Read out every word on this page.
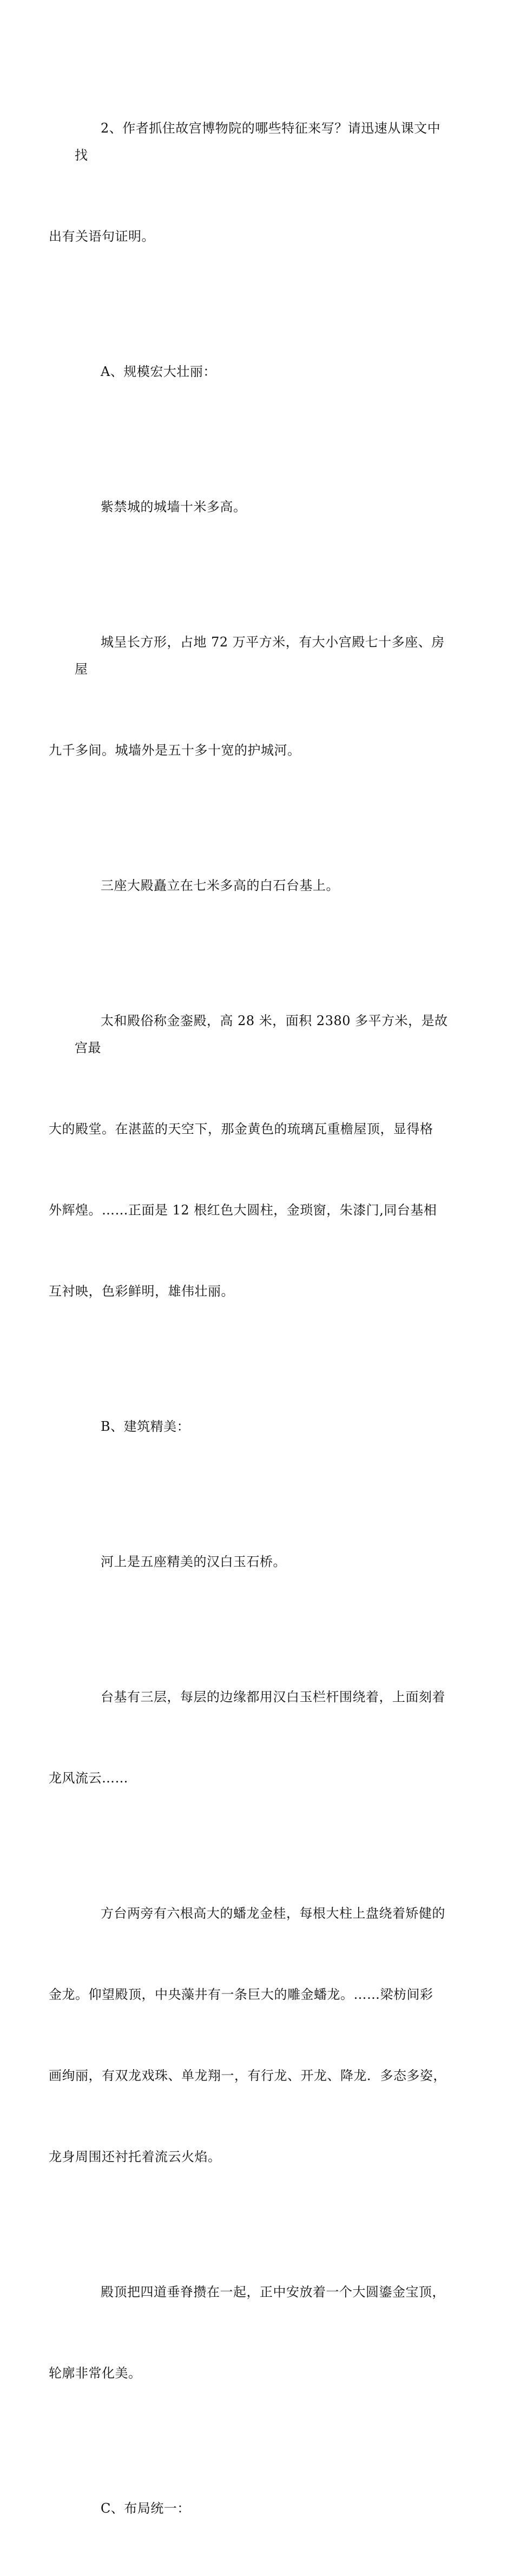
2、作者抓住故宫博物院的哪些特征来写？请迅速从课文中找

出有关语句证明。

A、规模宏大壮丽：

紫禁城的城墙十米多高。

城呈长方形，占地 72 万平方米，有大小宫殿七十多座、房屋

九千多间。城墙外是五十多十宽的护城河。

三座大殿矗立在七米多高的白石台基上。

太和殿俗称金銮殿，高 28 米，面积 2380 多平方米，是故宫最

大的殿堂。在湛蓝的天空下，那金黄色的琉璃瓦重檐屋顶，显得格

外辉煌。……正面是 12 根红色大圆柱，金琐窗，朱漆门,同台基相

互衬映，色彩鲜明，雄伟壮丽。

B、建筑精美：

河上是五座精美的汉白玉石桥。

台基有三层，每层的边缘都用汉白玉栏杆围绕着，上面刻着

龙风流云……

方台两旁有六根高大的蟠龙金桂，每根大柱上盘绕着矫健的

金龙。仰望殿顶，中央藻井有一条巨大的雕金蟠龙。……梁枋间彩

画绚丽，有双龙戏珠、单龙翔一，有行龙、开龙、降龙．多态多姿，

龙身周围还衬托着流云火焰。

殿顶把四道垂脊攒在一起，正中安放着一个大圆鎏金宝顶，

轮廓非常化美。

C、布局统一：
